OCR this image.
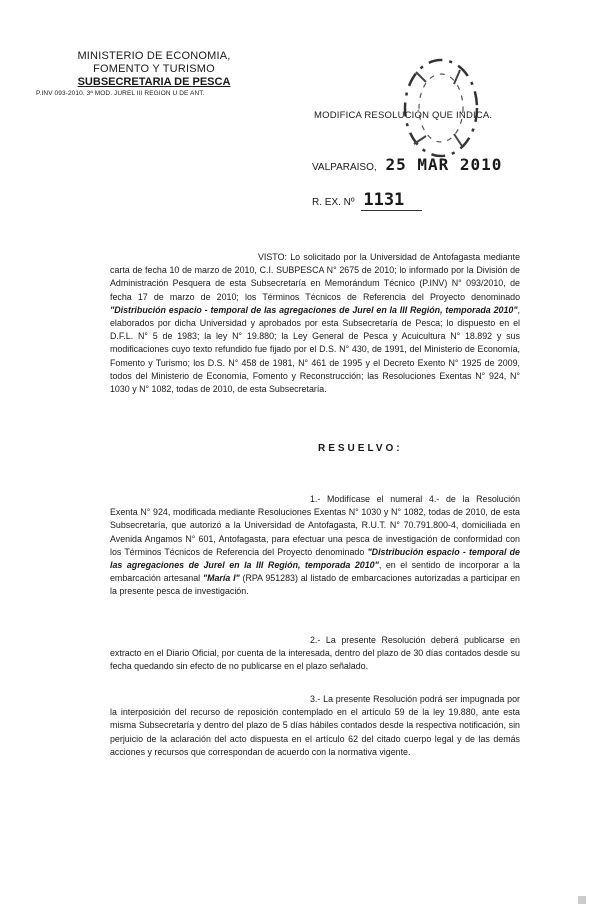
MINISTERIO DE ECONOMIA,
FOMENTO Y TURISMO
SUBSECRETARIA DE PESCA
P.INV 093-2010. 3ª MOD. JUREL III REGION U DE ANT.
MODIFICA RESOLUCIÓN QUE INDICA.
VALPARAISO, 25 MAR 2010
R. EX. Nº 1131

VISTO: Lo solicitado por la Universidad de Antofagasta mediante carta de fecha 10 de marzo de 2010, C.I. SUBPESCA N° 2675 de 2010; lo informado por la División de Administración Pesquera de esta Subsecretaría en Memorándum Técnico (P.INV) N° 093/2010, de fecha 17 de marzo de 2010; los Términos Técnicos de Referencia del Proyecto denominado "Distribución espacio - temporal de las agregaciones de Jurel en la III Región, temporada 2010", elaborados por dicha Universidad y aprobados por esta Subsecretaría de Pesca; lo dispuesto en el D.F.L. N° 5 de 1983; la ley N° 19.880; la Ley General de Pesca y Acuicultura N° 18.892 y sus modificaciones cuyo texto refundido fue fijado por el D.S. N° 430, de 1991, del Ministerio de Economía, Fomento y Turismo; los D.S. N° 458 de 1981, N° 461 de 1995 y el Decreto Exento N° 1925 de 2009, todos del Ministerio de Economía, Fomento y Reconstrucción; las Resoluciones Exentas N° 924, N° 1030 y N° 1082, todas de 2010, de esta Subsecretaría.

RESUELVO:

1.- Modifícase el numeral 4.- de la Resolución Exenta N° 924, modificada mediante Resoluciones Exentas N° 1030 y N° 1082, todas de 2010, de esta Subsecretaría, que autorizó a la Universidad de Antofagasta, R.U.T. N° 70.791.800-4, domiciliada en Avenida Angamos N° 601, Antofagasta, para efectuar una pesca de investigación de conformidad con los Términos Técnicos de Referencia del Proyecto denominado "Distribución espacio - temporal de las agregaciones de Jurel en la III Región, temporada 2010", en el sentido de incorporar a la embarcación artesanal "María I" (RPA 951283) al listado de embarcaciones autorizadas a participar en la presente pesca de investigación.

2.- La presente Resolución deberá publicarse en extracto en el Diario Oficial, por cuenta de la interesada, dentro del plazo de 30 días contados desde su fecha quedando sin efecto de no publicarse en el plazo señalado.

3.- La presente Resolución podrá ser impugnada por la interposición del recurso de reposición contemplado en el artículo 59 de la ley 19.880, ante esta misma Subsecretaría y dentro del plazo de 5 días hábiles contados desde la respectiva notificación, sin perjuicio de la aclaración del acto dispuesta en el artículo 62 del citado cuerpo legal y de las demás acciones y recursos que correspondan de acuerdo con la normativa vigente.
